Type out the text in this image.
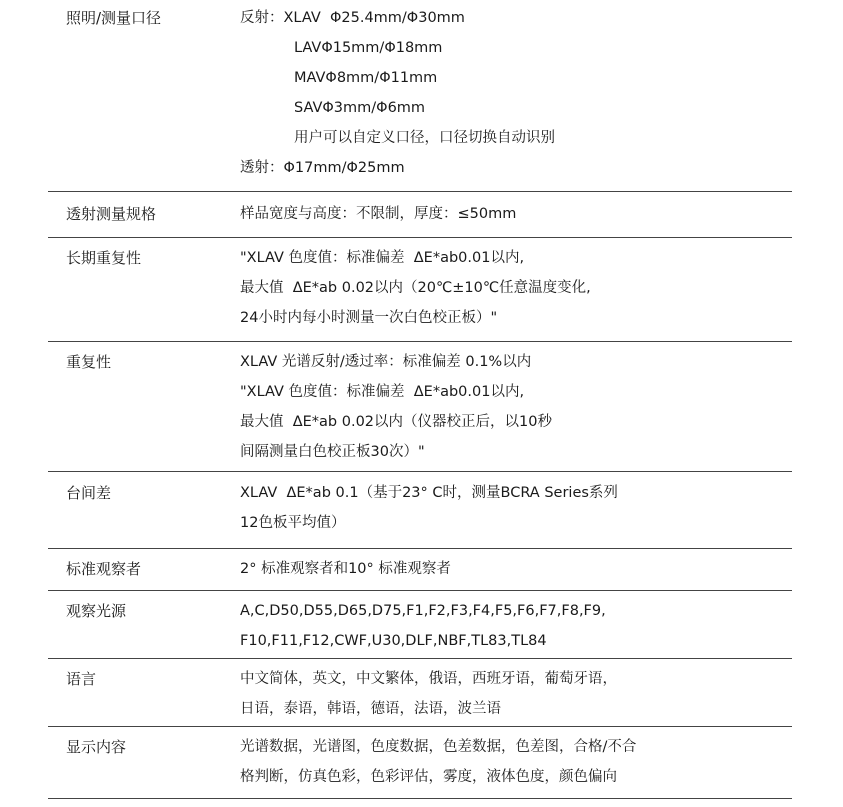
照明/测量口径	反射：XLAV  Φ25.4mm/Φ30mm
LAVΦ15mm/Φ18mm
MAVΦ8mm/Φ11mm
SAVΦ3mm/Φ6mm
用户可以自定义口径，口径切换自动识别
透射：Φ17mm/Φ25mm
透射测量规格	样品宽度与高度：不限制，厚度：≤50mm
长期重复性	"XLAV 色度值：标准偏差  ΔE*ab0.01以内,
最大值  ΔE*ab 0.02以内（20℃±10℃任意温度变化,
24小时内每小时测量一次白色校正板）"
重复性	XLAV 光谱反射/透过率：标准偏差 0.1%以内
"XLAV 色度值：标准偏差  ΔE*ab0.01以内,
最大值  ΔE*ab 0.02以内（仪器校正后，以10秒
间隔测量白色校正板30次）"
台间差	XLAV  ΔE*ab 0.1（基于23° C时，测量BCRA Series系列
12色板平均值）
标准观察者	2° 标准观察者和10° 标准观察者
观察光源	A,C,D50,D55,D65,D75,F1,F2,F3,F4,F5,F6,F7,F8,F9,
F10,F11,F12,CWF,U30,DLF,NBF,TL83,TL84
语言	中文简体，英文，中文繁体，俄语，西班牙语，葡萄牙语，
日语，泰语，韩语，德语，法语，波兰语
显示内容	光谱数据，光谱图，色度数据，色差数据，色差图，合格/不合
格判断，仿真色彩，色彩评估，雾度，液体色度，颜色偏向
